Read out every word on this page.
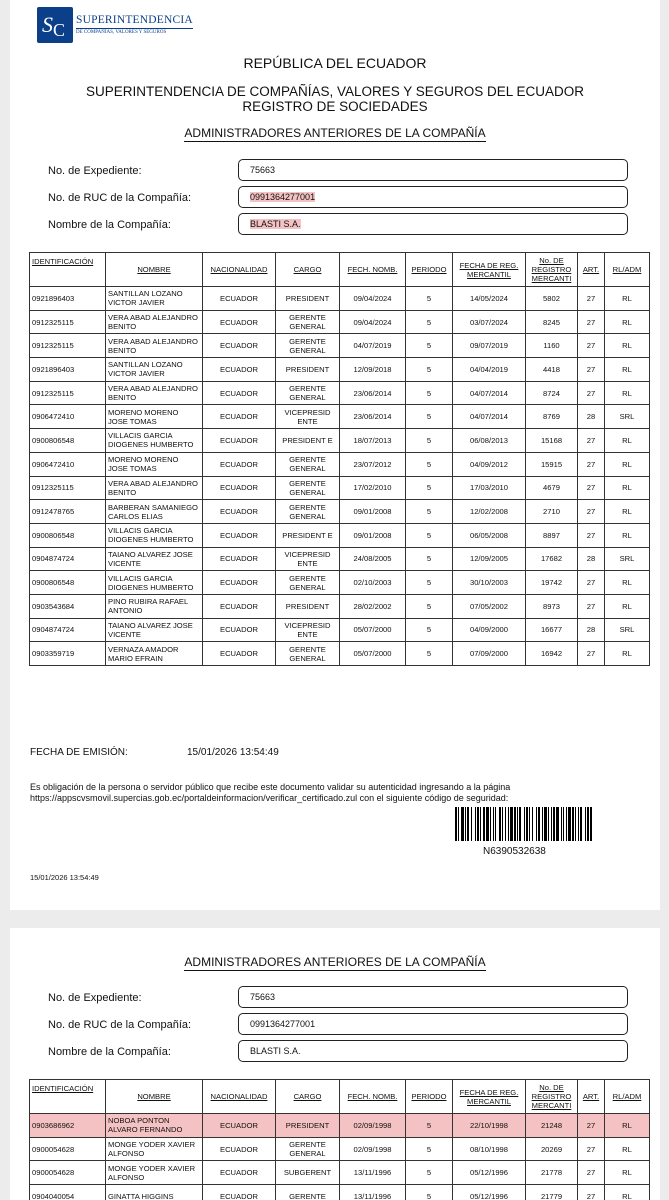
S C SUPERINTENDENCIA
DE COMPAÑÍAS, VALORES Y SEGUROS
REPÚBLICA DEL ECUADOR
SUPERINTENDENCIA DE COMPAÑÍAS, VALORES Y SEGUROS DEL ECUADOR
REGISTRO DE SOCIEDADES
ADMINISTRADORES ANTERIORES DE LA COMPAÑÍA
No. de Expediente:	75663
No. de RUC de la Compañía:	0991364277001
Nombre de la Compañía:	BLASTI S.A.
IDENTIFICACIÓN	NOMBRE	NACIONALIDAD	CARGO	FECH. NOMB.	PERIODO	FECHA DE REG. MERCANTIL	No. DE REGISTRO MERCANTI	ART.	RL/ADM
0921896403	SANTILLAN LOZANO VICTOR JAVIER	ECUADOR	PRESIDENT	09/04/2024	5	14/05/2024	5802	27	RL
0912325115	VERA ABAD ALEJANDRO BENITO	ECUADOR	GERENTE GENERAL	09/04/2024	5	03/07/2024	8245	27	RL
0912325115	VERA ABAD ALEJANDRO BENITO	ECUADOR	GERENTE GENERAL	04/07/2019	5	09/07/2019	1160	27	RL
0921896403	SANTILLAN LOZANO VICTOR JAVIER	ECUADOR	PRESIDENT	12/09/2018	5	04/04/2019	4418	27	RL
0912325115	VERA ABAD ALEJANDRO BENITO	ECUADOR	GERENTE GENERAL	23/06/2014	5	04/07/2014	8724	27	RL
0906472410	MORENO MORENO JOSE TOMAS	ECUADOR	VICEPRESID ENTE	23/06/2014	5	04/07/2014	8769	28	SRL
0900806548	VILLACIS GARCIA DIOGENES HUMBERTO	ECUADOR	PRESIDENT E	18/07/2013	5	06/08/2013	15168	27	RL
0906472410	MORENO MORENO JOSE TOMAS	ECUADOR	GERENTE GENERAL	23/07/2012	5	04/09/2012	15915	27	RL
0912325115	VERA ABAD ALEJANDRO BENITO	ECUADOR	GERENTE GENERAL	17/02/2010	5	17/03/2010	4679	27	RL
0912478765	BARBERAN SAMANIEGO CARLOS ELIAS	ECUADOR	GERENTE GENERAL	09/01/2008	5	12/02/2008	2710	27	RL
0900806548	VILLACIS GARCIA DIOGENES HUMBERTO	ECUADOR	PRESIDENT E	09/01/2008	5	06/05/2008	8897	27	RL
0904874724	TAIANO ALVAREZ JOSE VICENTE	ECUADOR	VICEPRESID ENTE	24/08/2005	5	12/09/2005	17682	28	SRL
0900806548	VILLACIS GARCIA DIOGENES HUMBERTO	ECUADOR	GERENTE GENERAL	02/10/2003	5	30/10/2003	19742	27	RL
0903543684	PINO RUBIRA RAFAEL ANTONIO	ECUADOR	PRESIDENT	28/02/2002	5	07/05/2002	8973	27	RL
0904874724	TAIANO ALVAREZ JOSE VICENTE	ECUADOR	VICEPRESID ENTE	05/07/2000	5	04/09/2000	16677	28	SRL
0903359719	VERNAZA AMADOR MARIO EFRAIN	ECUADOR	GERENTE GENERAL	05/07/2000	5	07/09/2000	16942	27	RL
FECHA DE EMISIÓN:	15/01/2026 13:54:49
Es obligación de la persona o servidor público que recibe este documento validar su autenticidad ingresando a la página
https://appscvsmovil.supercias.gob.ec/portaldeinformacion/verificar_certificado.zul con el siguiente código de seguridad:
N6390532638
15/01/2026 13:54:49
ADMINISTRADORES ANTERIORES DE LA COMPAÑÍA
No. de Expediente:	75663
No. de RUC de la Compañía:	0991364277001
Nombre de la Compañía:	BLASTI S.A.
IDENTIFICACIÓN	NOMBRE	NACIONALIDAD	CARGO	FECH. NOMB.	PERIODO	FECHA DE REG. MERCANTIL	No. DE REGISTRO MERCANTI	ART.	RL/ADM
0903686962	NOBOA PONTON ALVARO FERNANDO	ECUADOR	PRESIDENT	02/09/1998	5	22/10/1998	21248	27	RL
0900054628	MONGE YODER XAVIER ALFONSO	ECUADOR	GERENTE GENERAL	02/09/1998	5	08/10/1998	20269	27	RL
0900054628	MONGE YODER XAVIER ALFONSO	ECUADOR	SUBGERENT	13/11/1996	5	05/12/1996	21778	27	RL
0904040054	GINATTA HIGGINS	ECUADOR	GERENTE	13/11/1996	5	05/12/1996	21779	27	RL
